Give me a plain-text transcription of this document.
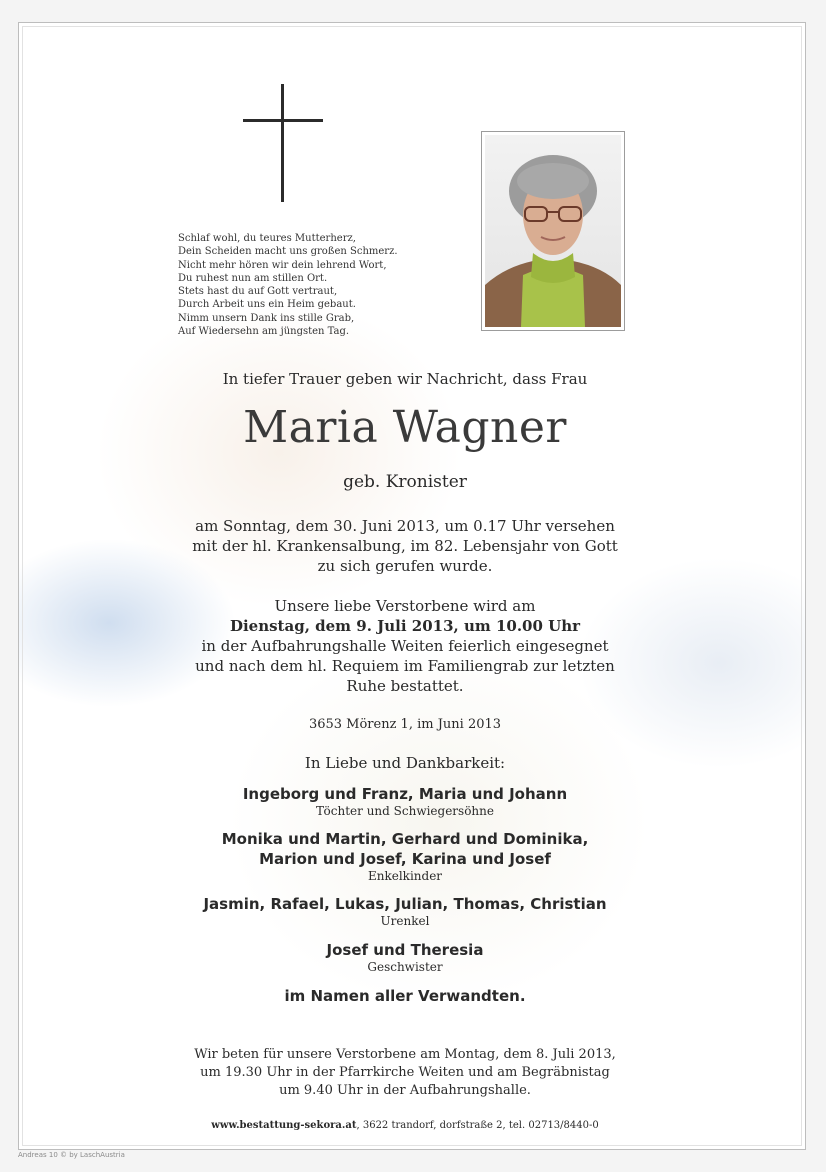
Schlaf wohl, du teures Mutterherz,
Dein Scheiden macht uns großen Schmerz.
Nicht mehr hören wir dein lehrend Wort,
Du ruhest nun am stillen Ort.
Stets hast du auf Gott vertraut,
Durch Arbeit uns ein Heim gebaut.
Nimm unsern Dank ins stille Grab,
Auf Wiedersehn am jüngsten Tag.
In tiefer Trauer geben wir Nachricht, dass Frau
Maria Wagner
geb. Kronister
am Sonntag, dem 30. Juni 2013, um 0.17 Uhr versehen
mit der hl. Krankensalbung, im 82. Lebensjahr von Gott
zu sich gerufen wurde.
Unsere liebe Verstorbene wird am
Dienstag, dem 9. Juli 2013, um 10.00 Uhr
in der Aufbahrungshalle Weiten feierlich eingesegnet
und nach dem hl. Requiem im Familiengrab zur letzten
Ruhe bestattet.
3653 Mörenz 1, im Juni 2013
In Liebe und Dankbarkeit:
Ingeborg und Franz, Maria und Johann
Töchter und Schwiegersöhne
Monika und Martin, Gerhard und Dominika,
Marion und Josef, Karina und Josef
Enkelkinder
Jasmin, Rafael, Lukas, Julian, Thomas, Christian
Urenkel
Josef und Theresia
Geschwister
im Namen aller Verwandten.
Wir beten für unsere Verstorbene am Montag, dem 8. Juli 2013,
um 19.30 Uhr in der Pfarrkirche Weiten und am Begräbnistag
um 9.40 Uhr in der Aufbahrungshalle.
www.bestattung-sekora.at, 3622 trandorf, dorfstraße 2, tel. 02713/8440-0
Andreas 10 © by LaschAustria
